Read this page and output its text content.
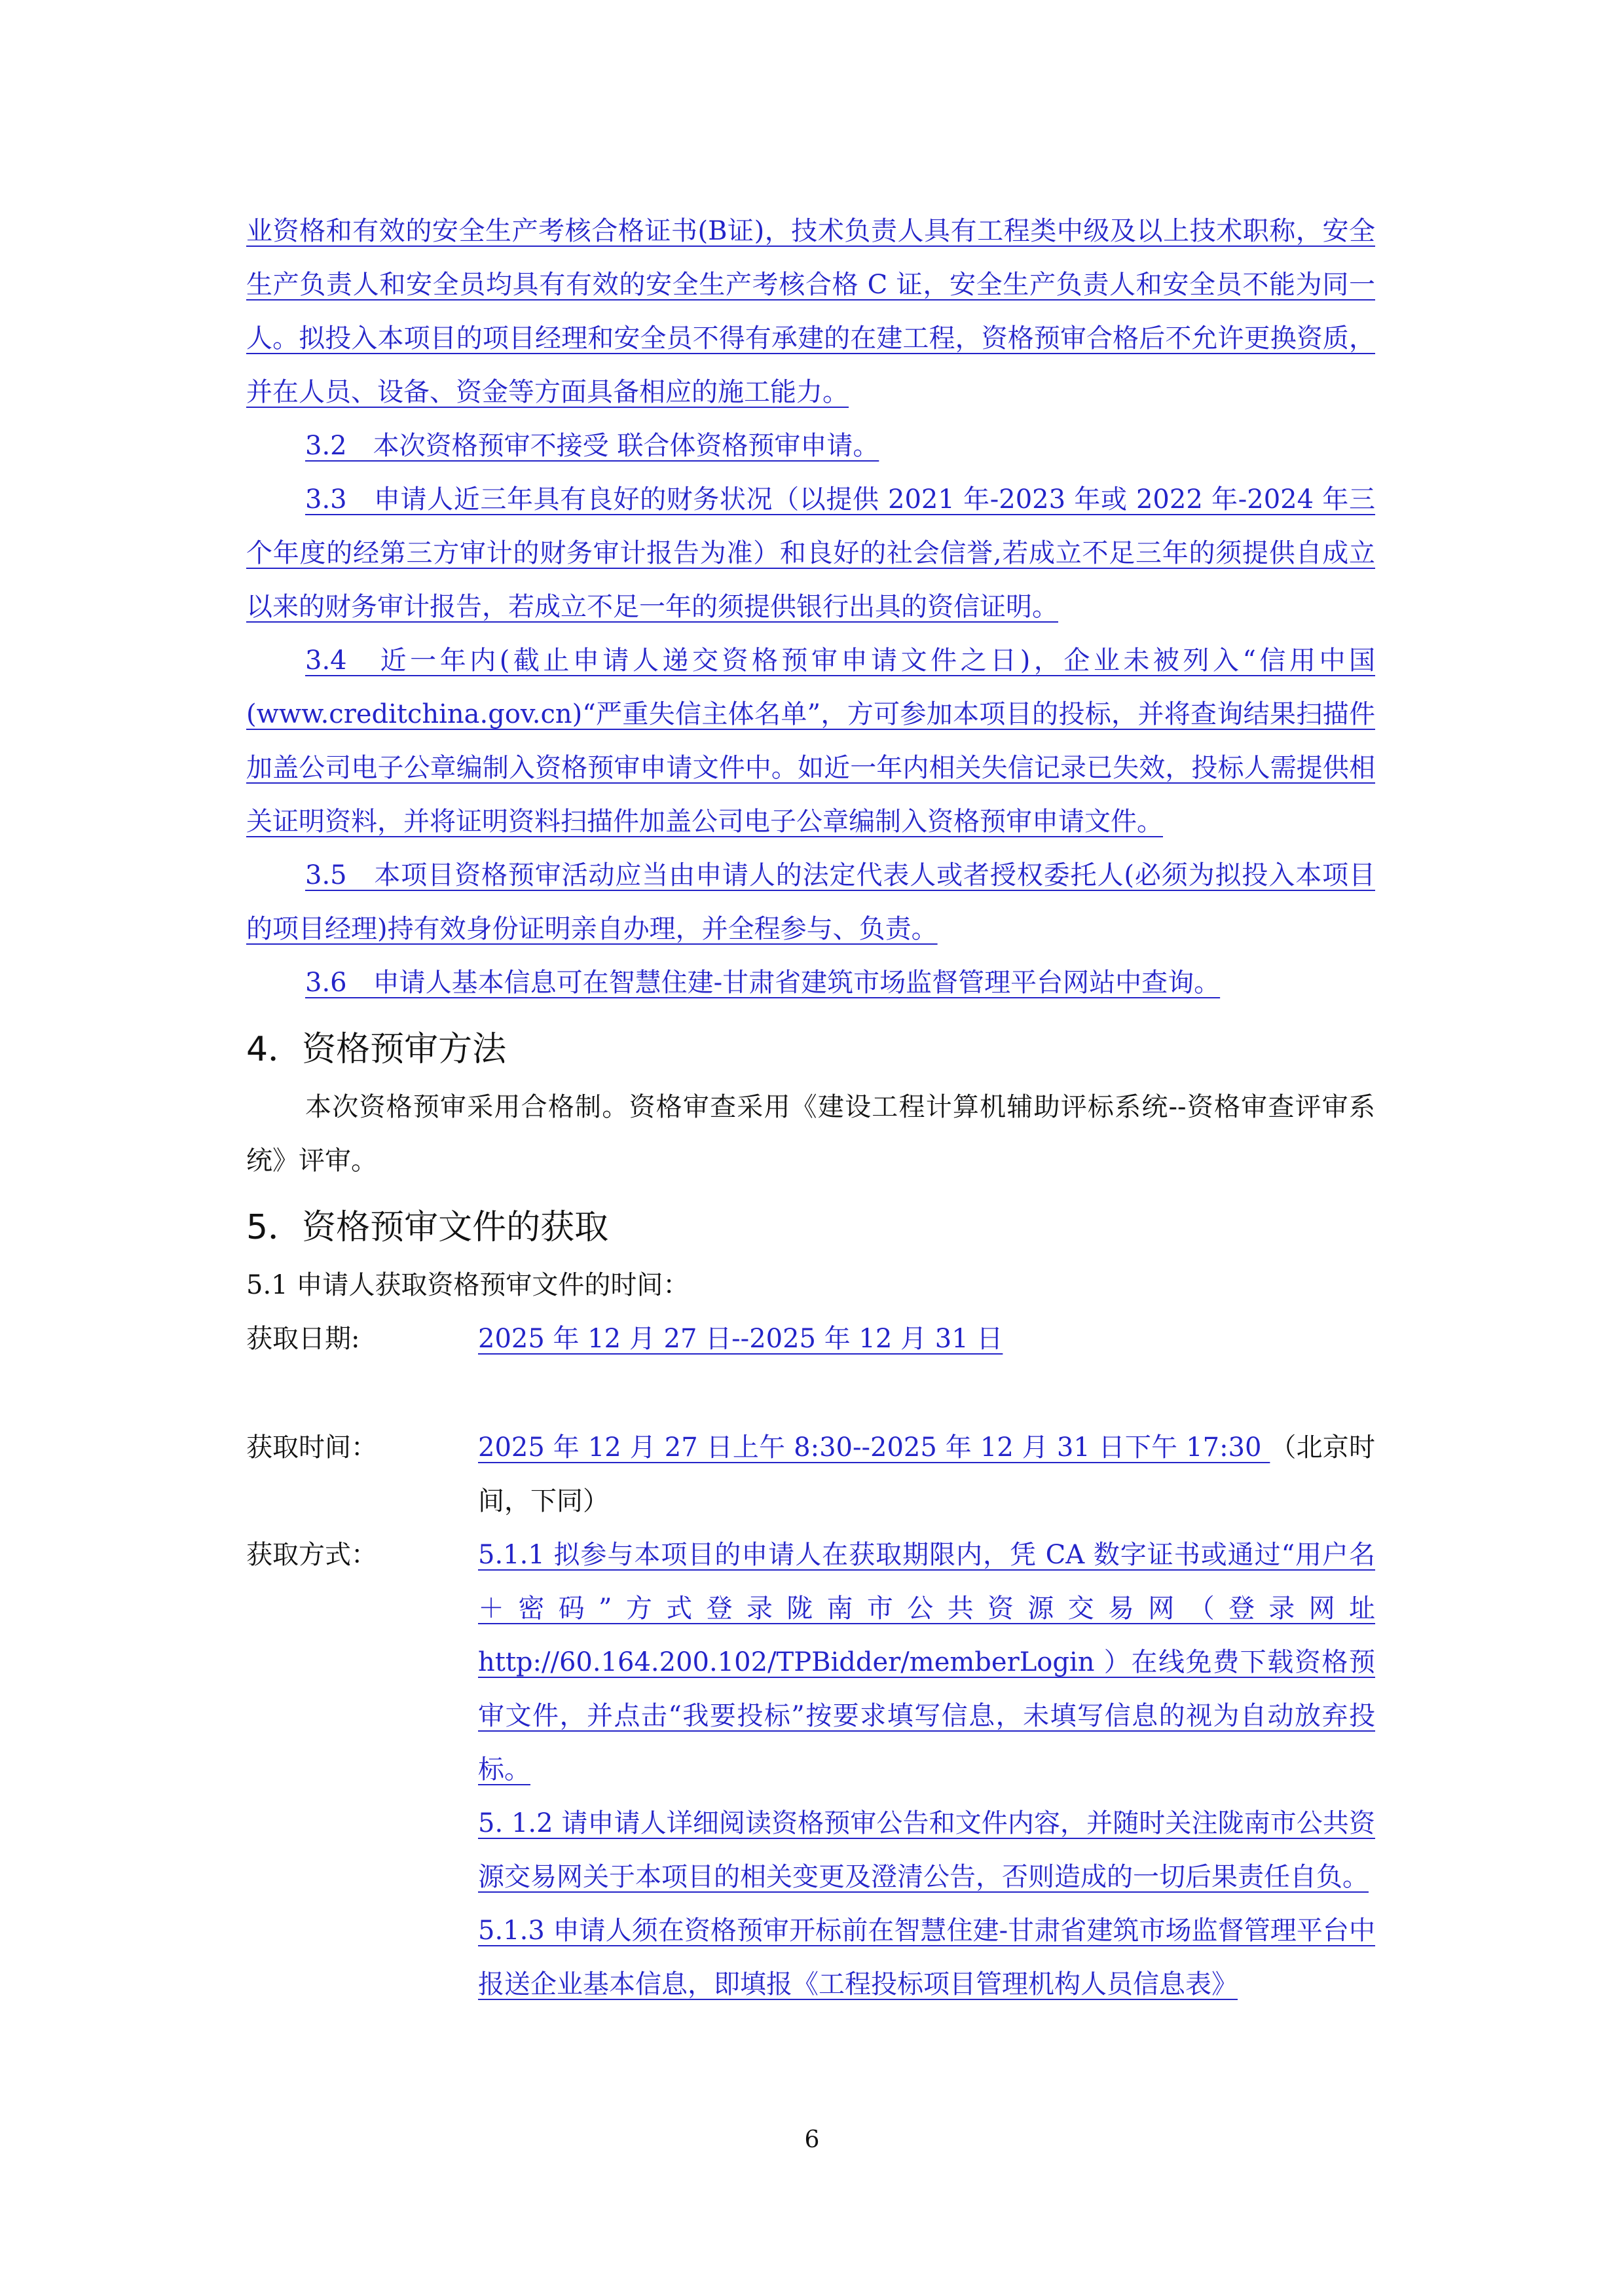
业资格和有效的安全生产考核合格证书(B证)，技术负责人具有工程类中级及以上技术职称，安全生产负责人和安全员均具有有效的安全生产考核合格 C 证，安全生产负责人和安全员不能为同一人。拟投入本项目的项目经理和安全员不得有承建的在建工程，资格预审合格后不允许更换资质，并在人员、设备、资金等方面具备相应的施工能力。

3.2　本次资格预审不接受 联合体资格预审申请。

3.3　申请人近三年具有良好的财务状况（以提供 2021 年-2023 年或 2022 年-2024 年三个年度的经第三方审计的财务审计报告为准）和良好的社会信誉,若成立不足三年的须提供自成立以来的财务审计报告，若成立不足一年的须提供银行出具的资信证明。

3.4　近一年内(截止申请人递交资格预审申请文件之日)，企业未被列入“信用中国(www.creditchina.gov.cn)“严重失信主体名单”，方可参加本项目的投标，并将查询结果扫描件加盖公司电子公章编制入资格预审申请文件中。如近一年内相关失信记录已失效，投标人需提供相关证明资料，并将证明资料扫描件加盖公司电子公章编制入资格预审申请文件。

3.5　本项目资格预审活动应当由申请人的法定代表人或者授权委托人(必须为拟投入本项目的项目经理)持有效身份证明亲自办理，并全程参与、负责。

3.6　申请人基本信息可在智慧住建-甘肃省建筑市场监督管理平台网站中查询。

4．资格预审方法

本次资格预审采用合格制。资格审查采用《建设工程计算机辅助评标系统--资格审查评审系统》评审。

5．资格预审文件的获取

5.1 申请人获取资格预审文件的时间：

获取日期:	2025 年 12 月 27 日--2025 年 12 月 31 日
获取时间：	2025 年 12 月 27 日上午 8:30--2025 年 12 月 31 日下午 17:30 （北京时间，下同）
获取方式：	5.1.1 拟参与本项目的申请人在获取期限内，凭 CA 数字证书或通过“用户名＋密码”方式登录陇南市公共资源交易网（登录网址 http://60.164.200.102/TPBidder/memberLogin ）在线免费下载资格预审文件，并点击“我要投标”按要求填写信息，未填写信息的视为自动放弃投标。
5. 1.2 请申请人详细阅读资格预审公告和文件内容，并随时关注陇南市公共资源交易网关于本项目的相关变更及澄清公告，否则造成的一切后果责任自负。
5.1.3 申请人须在资格预审开标前在智慧住建-甘肃省建筑市场监督管理平台中报送企业基本信息，即填报《工程投标项目管理机构人员信息表》
6
